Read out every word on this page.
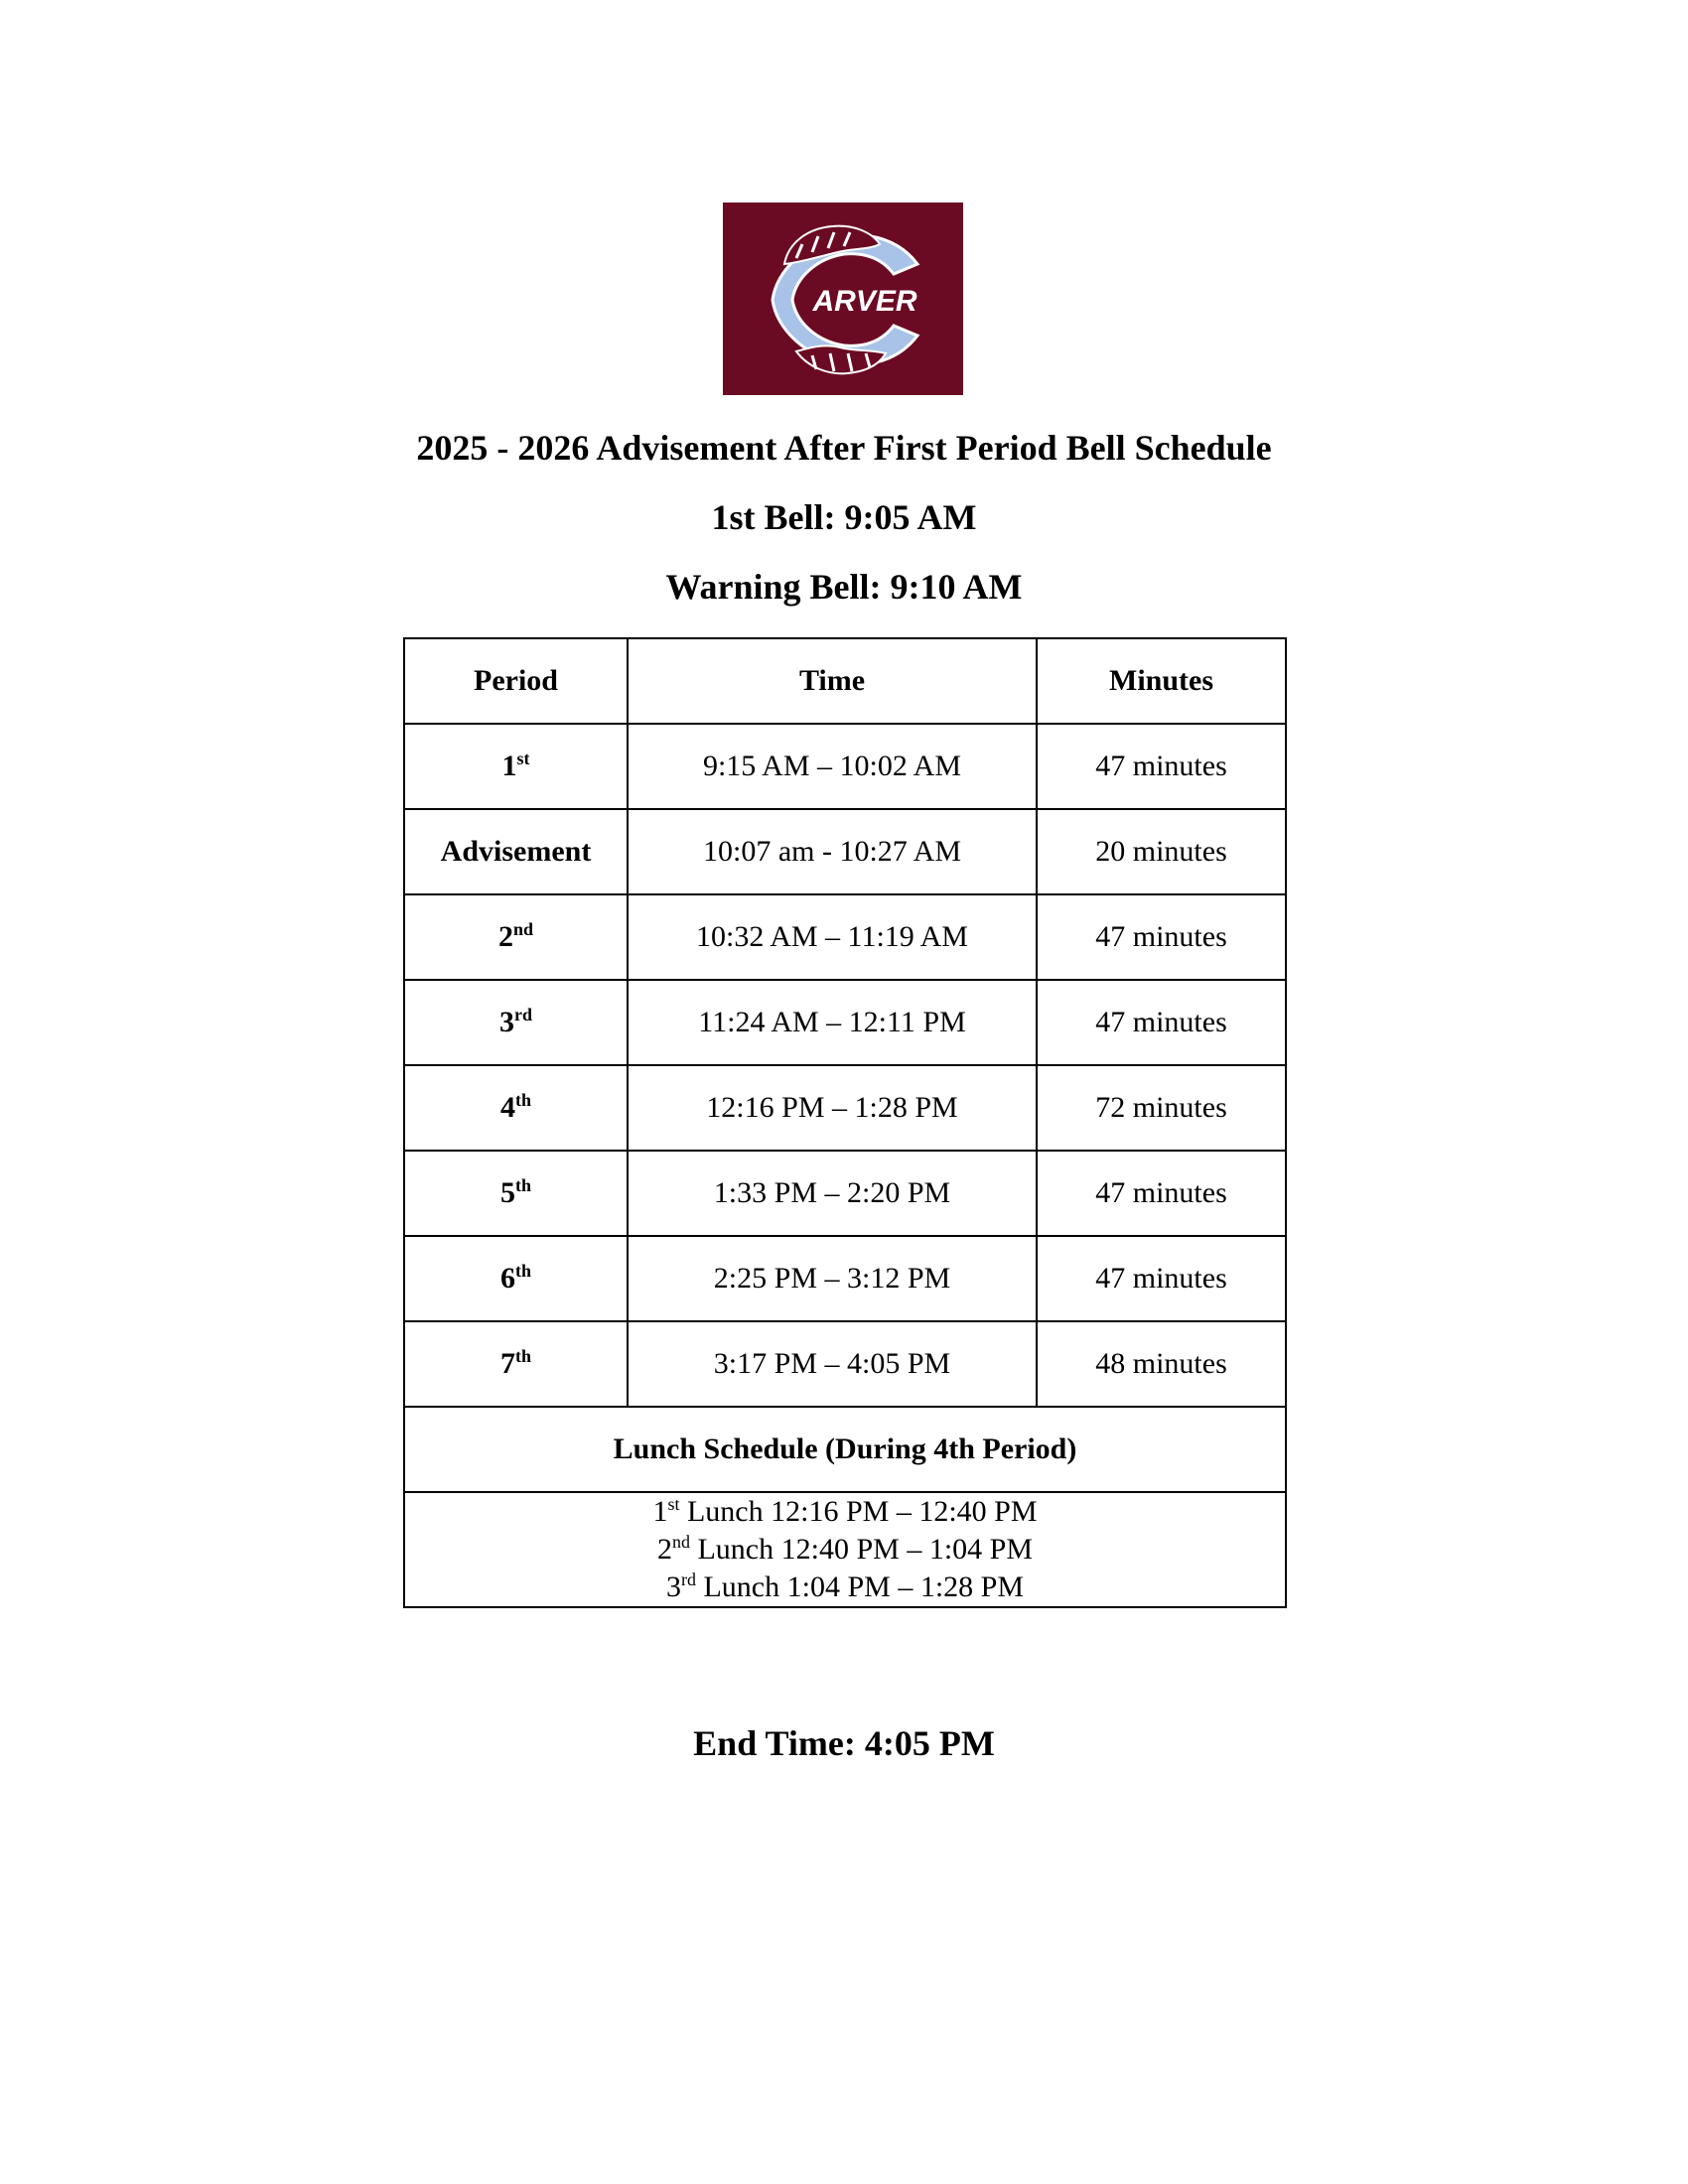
ARVER
2025 - 2026 Advisement After First Period Bell Schedule
1st Bell: 9:05 AM
Warning Bell: 9:10 AM
Period	Time	Minutes
1st	9:15 AM – 10:02 AM	47 minutes
Advisement	10:07 am - 10:27 AM	20 minutes
2nd	10:32 AM – 11:19 AM	47 minutes
3rd	11:24 AM – 12:11 PM	47 minutes
4th	12:16 PM – 1:28 PM	72 minutes
5th	1:33 PM – 2:20 PM	47 minutes
6th	2:25 PM – 3:12 PM	47 minutes
7th	3:17 PM – 4:05 PM	48 minutes
Lunch Schedule (During 4th Period)		

1st Lunch 12:16 PM – 12:40 PM
2nd Lunch 12:40 PM – 1:04 PM
3rd Lunch 1:04 PM – 1:28 PM		
End Time: 4:05 PM
